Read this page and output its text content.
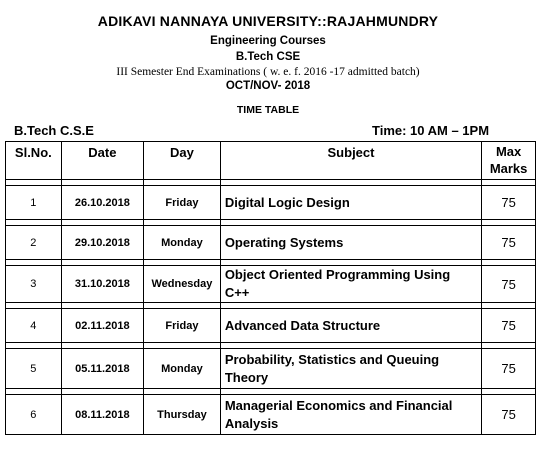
ADIKAVI NANNAYA UNIVERSITY::RAJAHMUNDRY
Engineering Courses
B.Tech CSE
III Semester End Examinations ( w. e. f. 2016 -17 admitted batch)
OCT/NOV- 2018
TIME TABLE
B.Tech C.S.E	Time: 10 AM – 1PM
Sl.No.	Date	Day	Subject	Max
Marks

1	26.10.2018	Friday	Digital Logic Design	75

2	29.10.2018	Monday	Operating Systems	75

3	31.10.2018	Wednesday	Object Oriented Programming Using C++	75

4	02.11.2018	Friday	Advanced Data Structure	75

5	05.11.2018	Monday	Probability, Statistics and Queuing Theory	75

6	08.11.2018	Thursday	Managerial Economics and Financial Analysis	75
